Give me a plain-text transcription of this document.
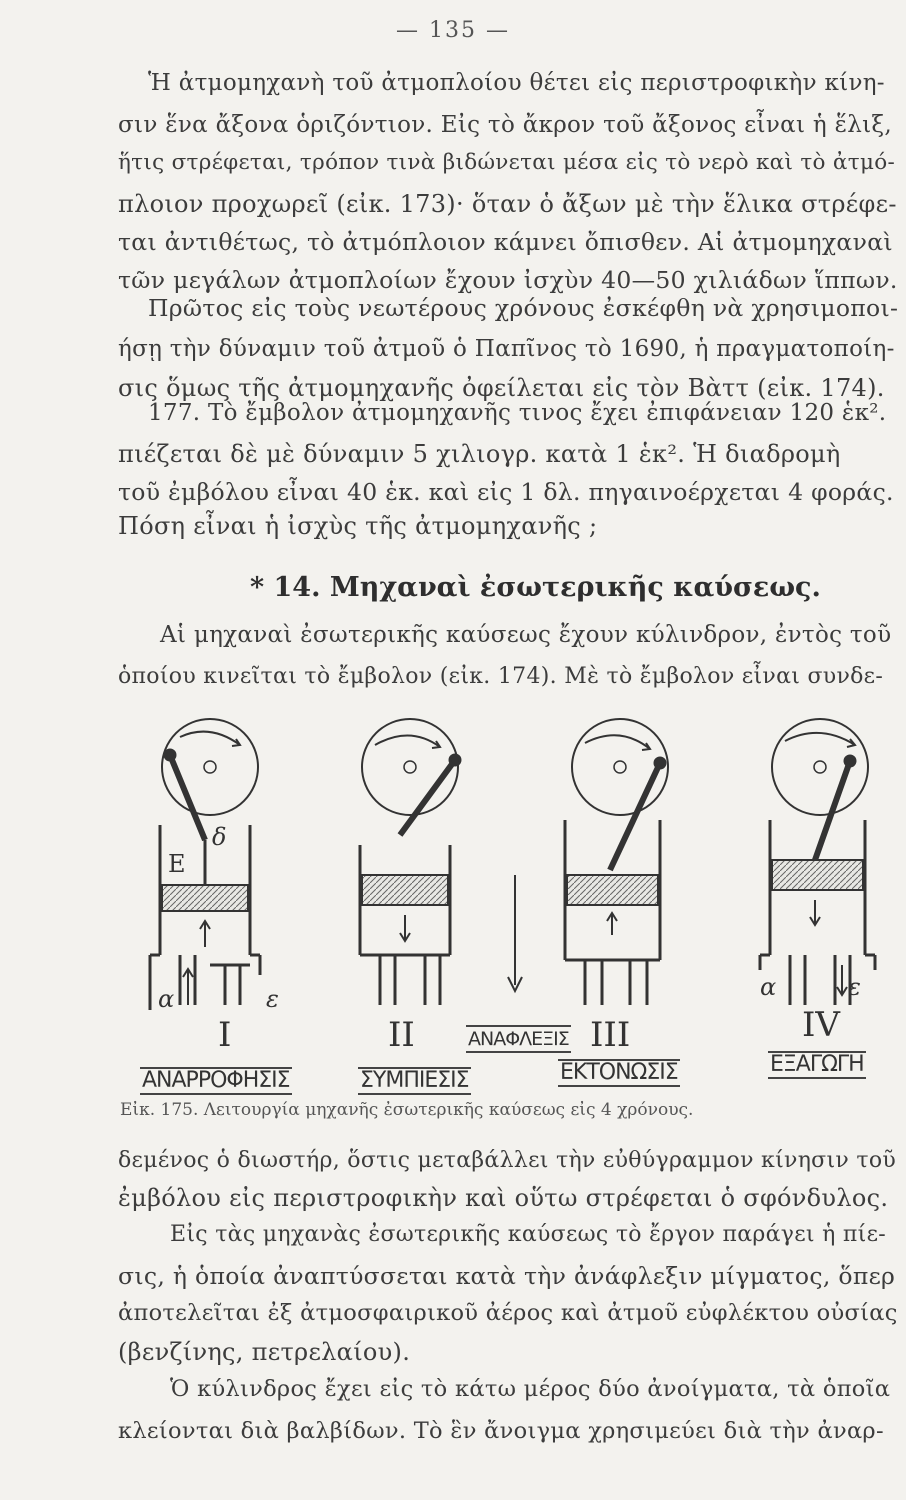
— 135 —
Ἡ ἀτμομηχανὴ τοῦ ἀτμοπλοίου θέτει εἰς περιστροφικὴν κίνη-
σιν ἕνα ἄξονα ὁριζόντιον. Εἰς τὸ ἄκρον τοῦ ἄξονος εἶναι ἡ ἕλιξ,
ἥτις στρέφεται, τρόπον τινὰ βιδώνεται μέσα εἰς τὸ νερὸ καὶ τὸ ἀτμό-
πλοιον προχωρεῖ (εἰκ. 173)· ὅταν ὁ ἄξων μὲ τὴν ἕλικα στρέφε-
ται ἀντιθέτως, τὸ ἀτμόπλοιον κάμνει ὄπισθεν. Αἱ ἀτμομηχαναὶ
τῶν μεγάλων ἀτμοπλοίων ἔχουν ἰσχὺν 40—50 χιλιάδων ἵππων.
Πρῶτος εἰς τοὺς νεωτέρους χρόνους ἐσκέφθη νὰ χρησιμοποι-
ήσῃ τὴν δύναμιν τοῦ ἀτμοῦ ὁ Παπῖνος τὸ 1690, ἡ πραγματοποίη-
σις ὅμως τῆς ἀτμομηχανῆς ὀφείλεται εἰς τὸν Βὰττ (εἰκ. 174).
177. Τὸ ἔμβολον ἀτμομηχανῆς τινος ἔχει ἐπιφάνειαν 120 ἑκ².
πιέζεται δὲ μὲ δύναμιν 5 χιλιογρ. κατὰ 1 ἑκ². Ἡ διαδρομὴ
τοῦ ἐμβόλου εἶναι 40 ἑκ. καὶ εἰς 1 δλ. πηγαινοέρχεται 4 φοράς.
Πόση εἶναι ἡ ἰσχὺς τῆς ἀτμομηχανῆς ;
* 14. Μηχαναὶ ἐσωτερικῆς καύσεως.
Αἱ μηχαναὶ ἐσωτερικῆς καύσεως ἔχουν κύλινδρον, ἐντὸς τοῦ
ὁποίου κινεῖται τὸ ἔμβολον (εἰκ. 174). Μὲ τὸ ἔμβολον εἶναι συνδε-
Ε
δ
α	ε	α	ε
I	II	III	IV
ΑΝΑΦΛΕΞΙΣ
ΑΝΑΡΡΟΦΗΣΙΣ	ΣΥΜΠΙΕΣΙΣ	ΕΚΤΟΝΩΣΙΣ	ΕΞΑΓΩΓΗ
Εἰκ. 175. Λειτουργία μηχανῆς ἐσωτερικῆς καύσεως εἰς 4 χρόνους.
δεμένος ὁ διωστήρ, ὅστις μεταβάλλει τὴν εὐθύγραμμον κίνησιν τοῦ
ἐμβόλου εἰς περιστροφικὴν καὶ οὕτω στρέφεται ὁ σφόνδυλος.
Εἰς τὰς μηχανὰς ἐσωτερικῆς καύσεως τὸ ἔργον παράγει ἡ πίε-
σις, ἡ ὁποία ἀναπτύσσεται κατὰ τὴν ἀνάφλεξιν μίγματος, ὅπερ
ἀποτελεῖται ἐξ ἀτμοσφαιρικοῦ ἀέρος καὶ ἀτμοῦ εὐφλέκτου οὐσίας
(βενζίνης, πετρελαίου).
Ὁ κύλινδρος ἔχει εἰς τὸ κάτω μέρος δύο ἀνοίγματα, τὰ ὁποῖα
κλείονται διὰ βαλβίδων. Τὸ ἓν ἄνοιγμα χρησιμεύει διὰ τὴν ἀναρ-
